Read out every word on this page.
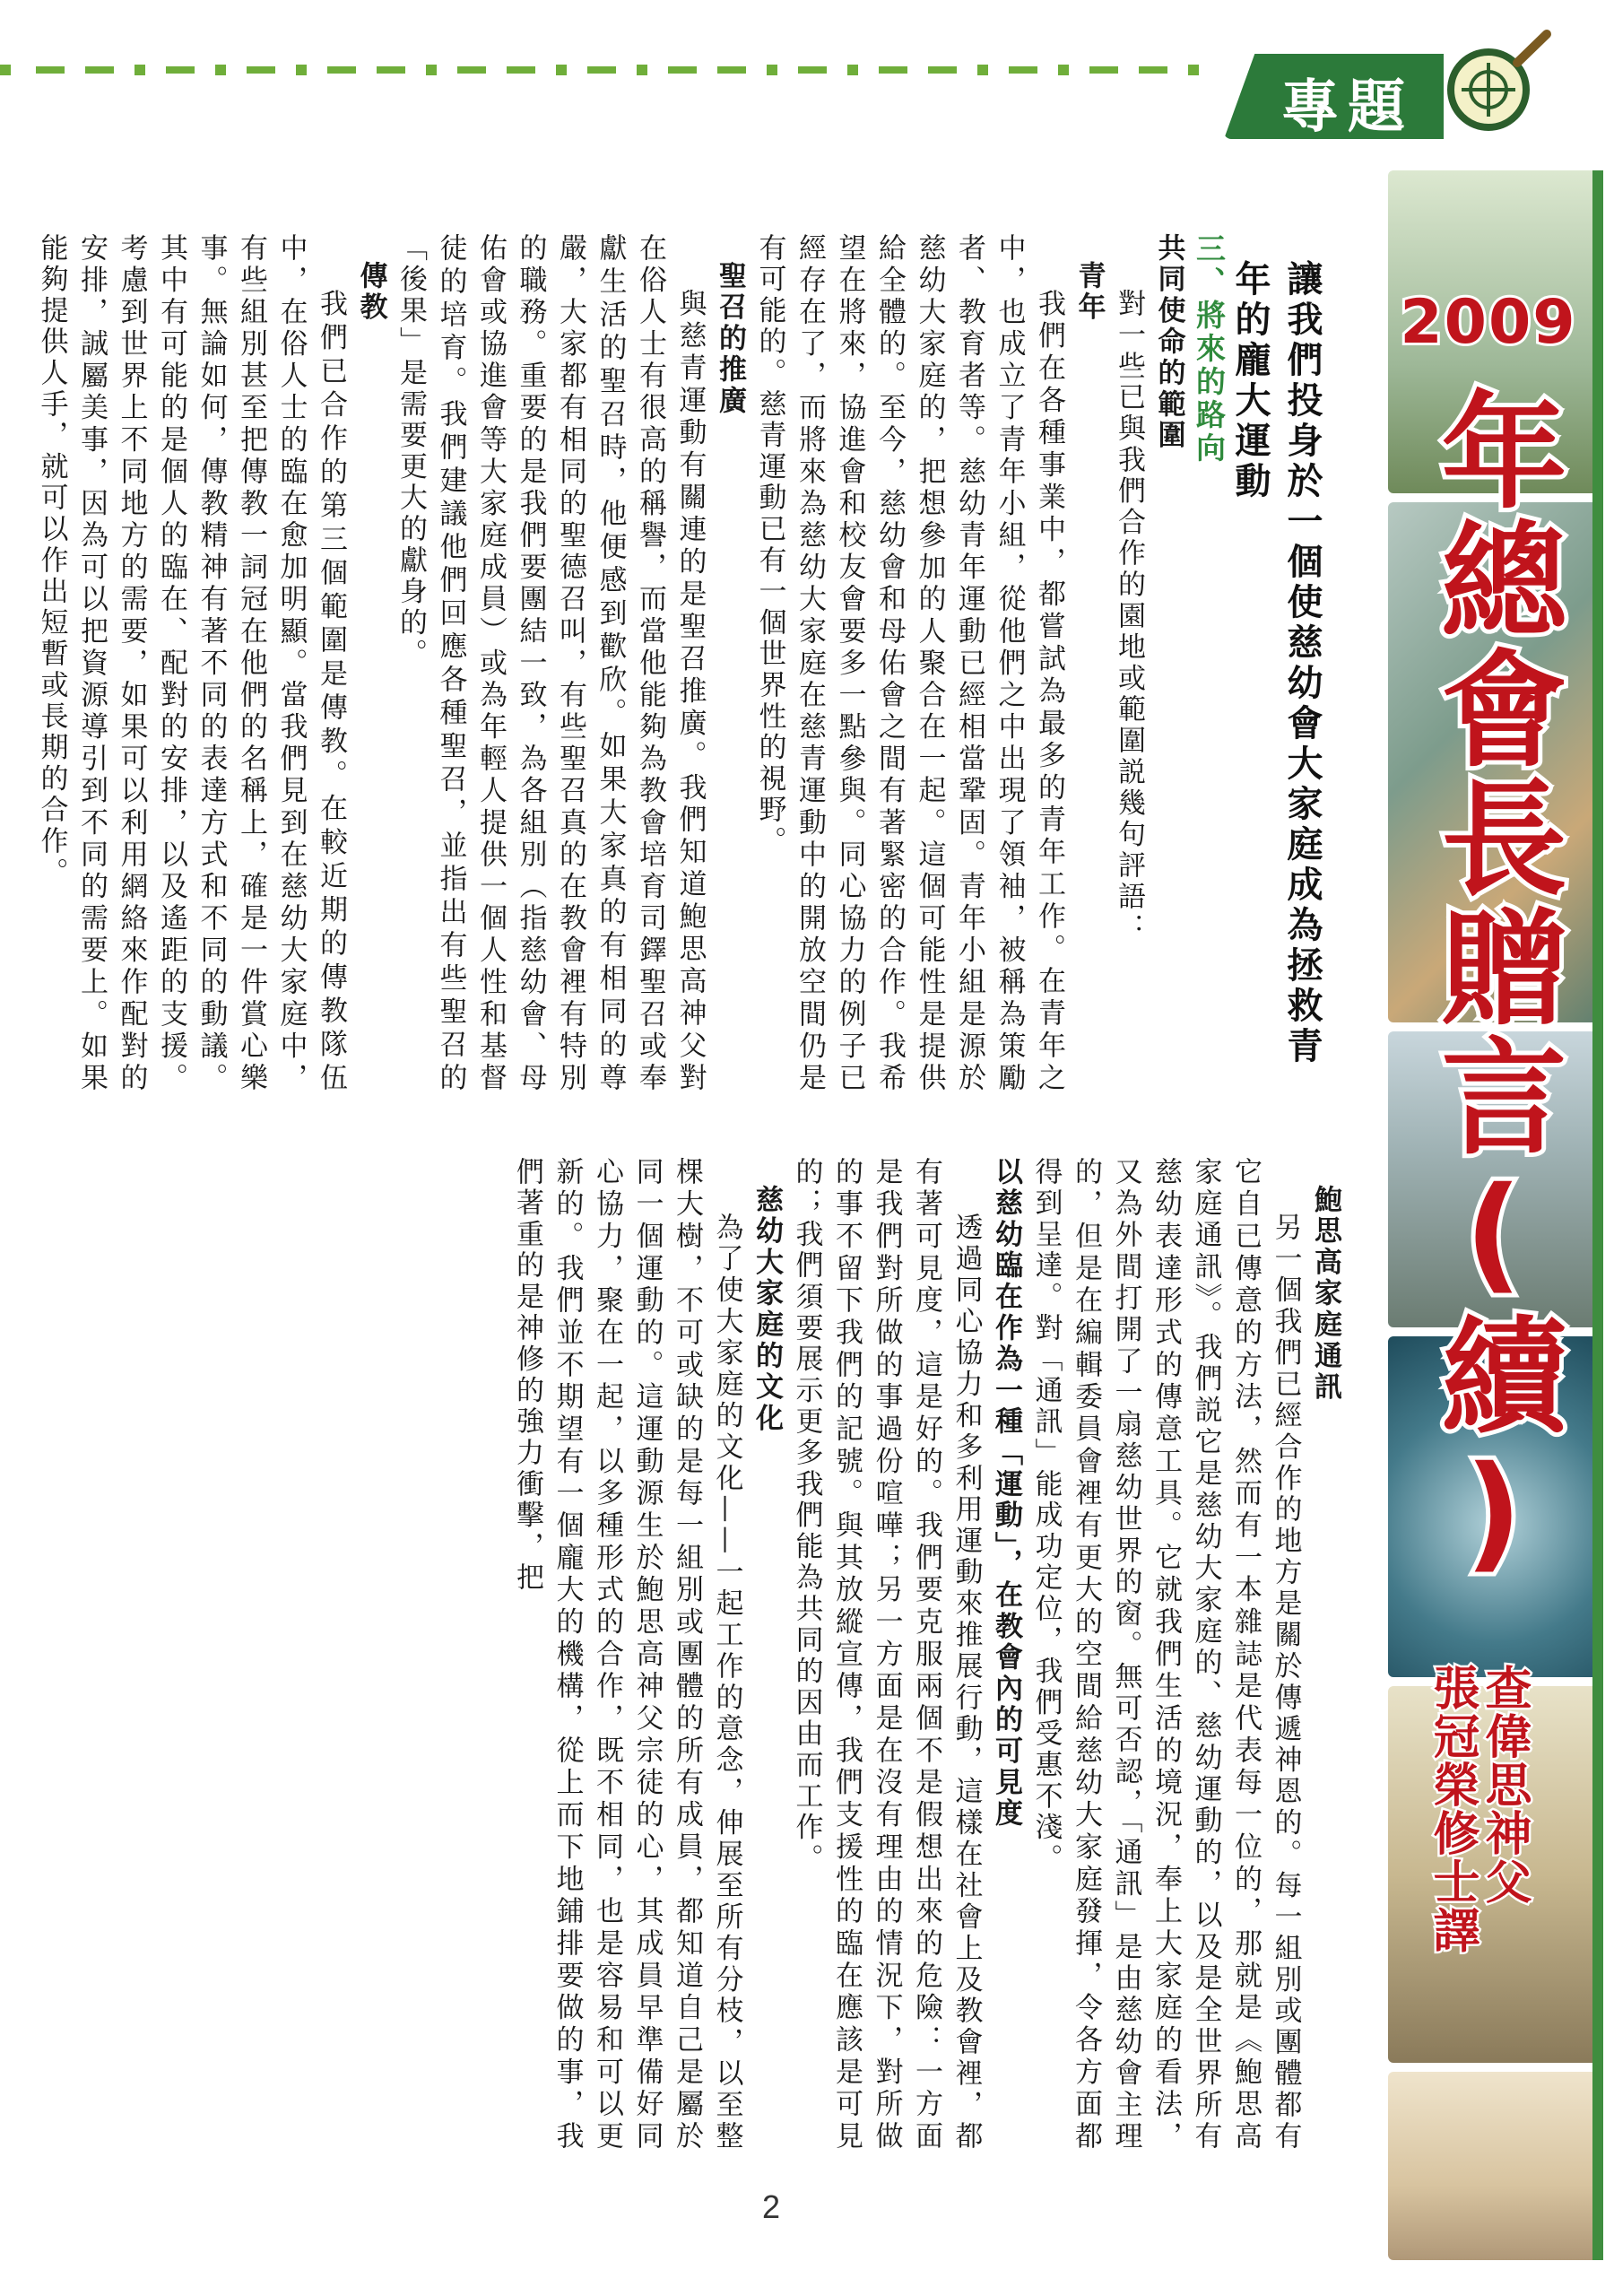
專題
2009
年總會長贈言(續)
查偉思神父
張冠榮修士譯
讓我們投身於一個使慈幼會大家庭成為拯救青年的龐大運動
三、將來的路向
共同使命的範圍

對一些已與我們合作的園地或範圍説幾句評語：

青年

我們在各種事業中，都嘗試為最多的青年工作。在青年之中，也成立了青年小組，從他們之中出現了領袖，被稱為策勵者、教育者等。慈幼青年運動已經相當鞏固。青年小組是源於慈幼大家庭的，把想參加的人聚合在一起。這個可能性是提供給全體的。至今，慈幼會和母佑會之間有著緊密的合作。我希望在將來，協進會和校友會要多一點參與。同心協力的例子已經存在了，而將來為慈幼大家庭在慈青運動中的開放空間仍是有可能的。慈青運動已有一個世界性的視野。

聖召的推廣

與慈青運動有關連的是聖召推廣。我們知道鮑思高神父對在俗人士有很高的稱譽，而當他能夠為教會培育司鐸聖召或奉獻生活的聖召時，他便感到歡欣。如果大家真的有相同的尊嚴，大家都有相同的聖德召叫，有些聖召真的在教會裡有特別的職務。重要的是我們要團結一致，為各組別（指慈幼會、母佑會或協進會等大家庭成員）或為年輕人提供一個人性和基督徒的培育。我們建議他們回應各種聖召，並指出有些聖召的「後果」是需要更大的獻身的。

傳教

我們已合作的第三個範圍是傳教。在較近期的傳教隊伍中，在俗人士的臨在愈加明顯。當我們見到在慈幼大家庭中，有些組別甚至把傳教一詞冠在他們的名稱上，確是一件賞心樂事。無論如何，傳教精神有著不同的表達方式和不同的動議。其中有可能的是個人的臨在、配對的安排，以及遙距的支援。考慮到世界上不同地方的需要，如果可以利用網絡來作配對的安排，誠屬美事，因為可以把資源導引到不同的需要上。如果能夠提供人手，就可以作出短暫或長期的合作。

鮑思高家庭通訊

另一個我們已經合作的地方是關於傳遞神恩的。每一組別或團體都有它自已傳意的方法，然而有一本雜誌是代表每一位的，那就是《鮑思高家庭通訊》。我們説它是慈幼大家庭的、慈幼運動的，以及是全世界所有慈幼表達形式的傳意工具。它就我們生活的境況，奉上大家庭的看法，又為外間打開了一扇慈幼世界的窗。無可否認，「通訊」是由慈幼會主理的，但是在編輯委員會裡有更大的空間給慈幼大家庭發揮，令各方面都得到呈達。對「通訊」能成功定位，我們受惠不淺。

以慈幼臨在作為一種「運動」，在教會內的可見度

透過同心協力和多利用運動來推展行動，這樣在社會上及教會裡，都有著可見度，這是好的。我們要克服兩個不是假想出來的危險：一方面是我們對所做的事過份喧嘩；另一方面是在沒有理由的情況下，對所做的事不留下我們的記號。與其放縱宣傳，我們支援性的臨在應該是可見的；我們須要展示更多我們能為共同的因由而工作。

慈幼大家庭的文化

為了使大家庭的文化——一起工作的意念，伸展至所有分枝，以至整棵大樹，不可或缺的是每一組別或團體的所有成員，都知道自己是屬於同一個運動的。這運動源生於鮑思高神父宗徒的心，其成員早準備好同心協力，聚在一起，以多種形式的合作，既不相同，也是容易和可以更新的。我們並不期望有一個龐大的機構，從上而下地鋪排要做的事，我們著重的是神修的強力衝擊，把

2
